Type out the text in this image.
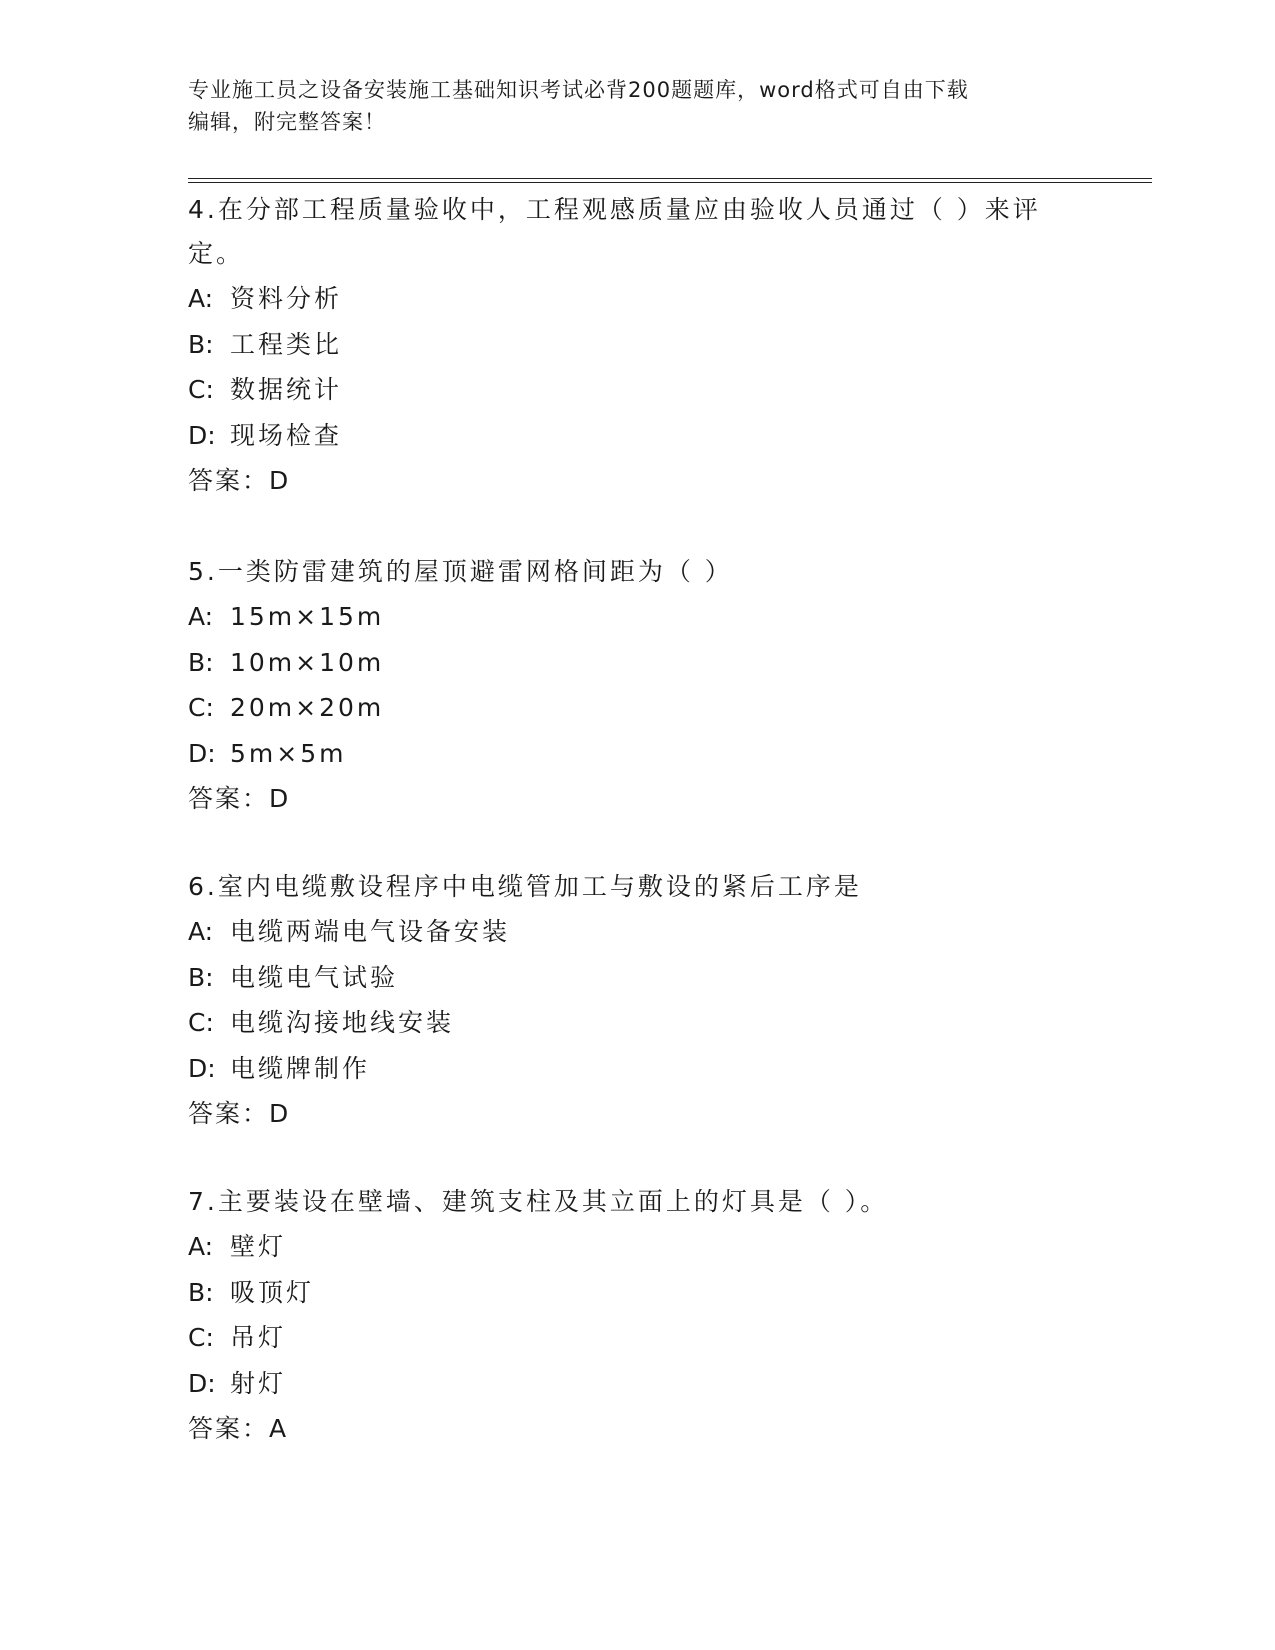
专业施工员之设备安装施工基础知识考试必背200题题库，word格式可自由下载
编辑，附完整答案！
4.在分部工程质量验收中，工程观感质量应由验收人员通过（ ）来评
定。
A: 资料分析
B: 工程类比
C: 数据统计
D: 现场检查
答案：D
5.一类防雷建筑的屋顶避雷网格间距为（ ）
A: 15m×15m
B: 10m×10m
C: 20m×20m
D: 5m×5m
答案：D
6.室内电缆敷设程序中电缆管加工与敷设的紧后工序是
A: 电缆两端电气设备安装
B: 电缆电气试验
C: 电缆沟接地线安装
D: 电缆牌制作
答案：D
7.主要装设在壁墙、建筑支柱及其立面上的灯具是（ ）。
A: 壁灯
B: 吸顶灯
C: 吊灯
D: 射灯
答案：A
